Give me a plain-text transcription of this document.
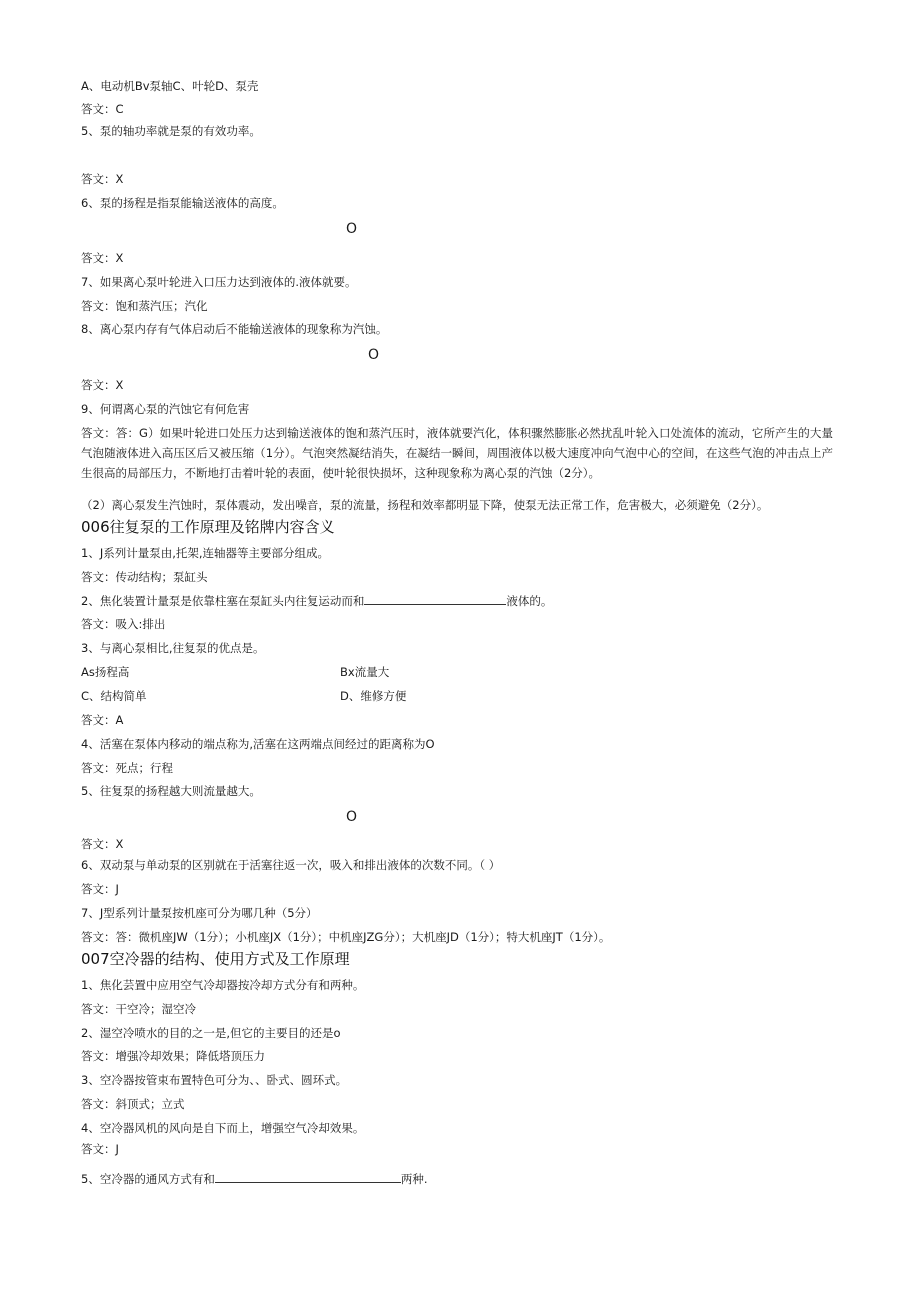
A、电动机Bv泵轴C、叶轮D、泵壳
答文：C
5、泵的轴功率就是泵的有效功率。
答文：X
6、泵的扬程是指泵能输送液体的高度。
O
答文：X
7、如果离心泵叶轮进入口压力达到液体的.液体就要。
答文：饱和蒸汽压；汽化
8、离心泵内存有气体启动后不能输送液体的现象称为汽蚀。
O
答文：X
9、何谓离心泵的汽蚀它有何危害
答文：答：G）如果叶轮进口处压力达到输送液体的饱和蒸汽压时，液体就要汽化，体积骤然膨胀必然扰乱叶轮入口处流体的流动，它所产生的大量气泡随液体进入高压区后又被压缩（1分）。气泡突然凝结消失，在凝结一瞬间，周围液体以极大速度冲向气泡中心的空间，在这些气泡的冲击点上产生很高的局部压力，不断地打击着叶轮的表面，使叶轮很快损坏，这种现象称为离心泵的汽蚀（2分）。
（2）离心泵发生汽蚀时，泵体震动，发出噪音，泵的流量，扬程和效率都明显下降，使泵无法正常工作，危害极大，必须避免（2分）。
006往复泵的工作原理及铭牌内容含义
1、J系列计量泵由,托架,连轴器等主要部分组成。
答文：传动结构；泵缸头
2、焦化装置计量泵是依靠柱塞在泵缸头内往复运动而和	液体的。
答文：吸入:排出
3、与离心泵相比,往复泵的优点是。
As扬程高	Bx流量大
C、结构简单	D、维修方便
答文：A
4、活塞在泵体内移动的端点称为,活塞在这两端点间经过的距离称为O
答文：死点；行程
5、往复泵的扬程越大则流量越大。
O
答文：X
6、双动泵与单动泵的区别就在于活塞往返一次，吸入和排出液体的次数不同。（ ）
答文：J
7、J型系列计量泵按机座可分为哪几种（5分）
答文：答：微机座JW（1分）；小机座JX（1分）；中机座JZG分）；大机座JD（1分）；特大机座JT（1分）。
007空冷器的结构、使用方式及工作原理
1、焦化芸置中应用空气冷却器按冷却方式分有和两种。
答文：干空冷；湿空冷
2、湿空冷喷水的目的之一是,但它的主要目的还是o
答文：增强冷却效果；降低塔顶压力
3、空冷器按管束布置特色可分为、、卧式、圆环式。
答文：斜顶式；立式
4、空冷器风机的风向是自下而上，增强空气冷却效果。
答文：J
5、空冷器的通风方式有和	两种.
